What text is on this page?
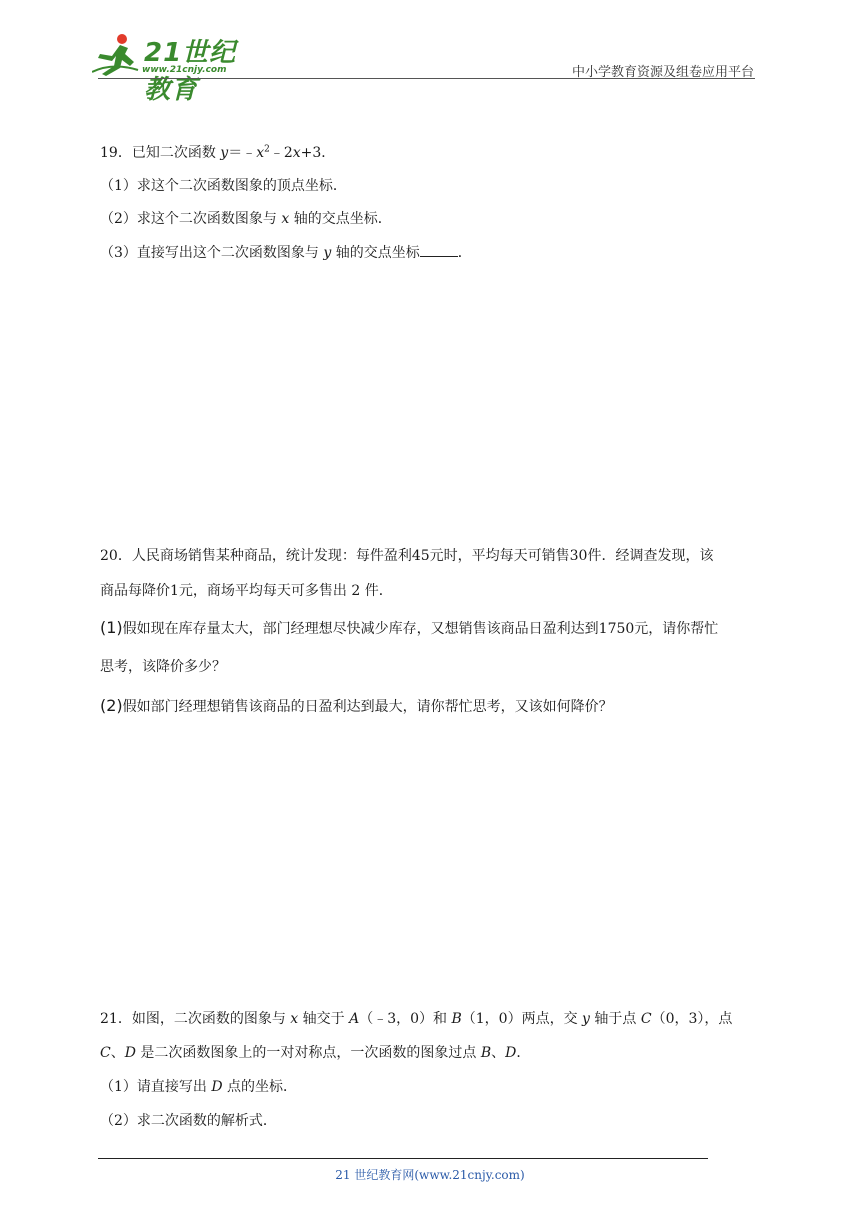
21世纪教育
www.21cnjy.com	中小学教育资源及组卷应用平台
19．已知二次函数 $y=﹣x^2﹣2x+3$．
（1）求这个二次函数图象的顶点坐标．
（2）求这个二次函数图象与 x 轴的交点坐标．
（3）直接写出这个二次函数图象与 y 轴的交点坐标	．
20．人民商场销售某种商品，统计发现：每件盈利45元时，平均每天可销售30件．经调查发现，该
商品每降价1元，商场平均每天可多售出 2 件．
(1)假如现在库存量太大，部门经理想尽快减少库存，又想销售该商品日盈利达到1750元，请你帮忙
思考，该降价多少？
(2)假如部门经理想销售该商品的日盈利达到最大，请你帮忙思考，又该如何降价？
21．如图，二次函数的图象与 x 轴交于 A（﹣3，0）和 B（1，0）两点，交 y 轴于点 C（0，3），点
C、D 是二次函数图象上的一对对称点，一次函数的图象过点 B、D．
（1）请直接写出 D 点的坐标．
（2）求二次函数的解析式．
21 世纪教育网(www.21cnjy.com)
